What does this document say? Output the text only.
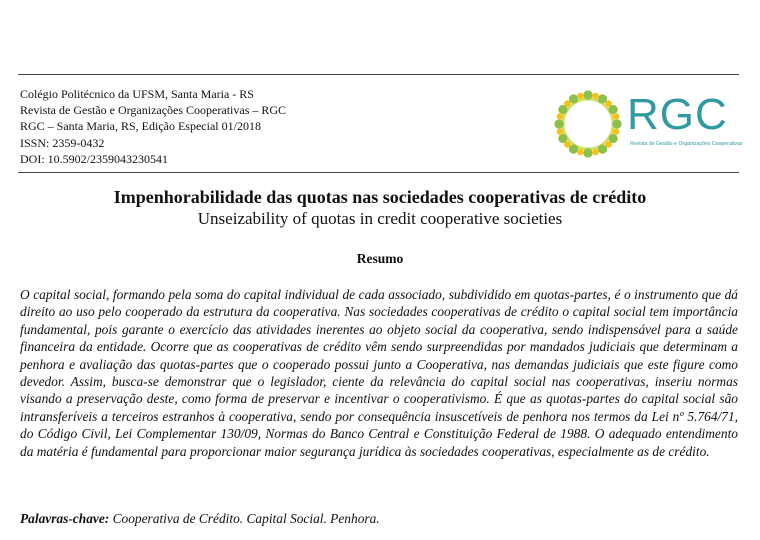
Colégio Politécnico da UFSM, Santa Maria - RS
Revista de Gestão e Organizações Cooperativas – RGC
RGC – Santa Maria, RS, Edição Especial 01/2018
ISSN: 2359-0432
DOI: 10.5902/2359043230541
RGC
Revista de Gestão e Organizações Cooperativas
Impenhorabilidade das quotas nas sociedades cooperativas de crédito
Unseizability of quotas in credit cooperative societies
Resumo

O capital social, formando pela soma do capital individual de cada associado, subdividido em quotas-partes, é o instrumento que dá direito ao uso pelo cooperado da estrutura da cooperativa. Nas sociedades cooperativas de crédito o capital social tem importância fundamental, pois garante o exercício das atividades inerentes ao objeto social da cooperativa, sendo indispensável para a saúde financeira da entidade. Ocorre que as cooperativas de crédito vêm sendo surpreendidas por mandados judiciais que determinam a penhora e avaliação das quotas-partes que o cooperado possui junto a Cooperativa, nas demandas judiciais que este figure como devedor. Assim, busca-se demonstrar que o legislador, ciente da relevância do capital social nas cooperativas, inseriu normas visando a preservação deste, como forma de preservar e incentivar o cooperativismo. É que as quotas-partes do capital social são intransferíveis a terceiros estranhos à cooperativa, sendo por consequência insuscetíveis de penhora nos termos da Lei nº 5.764/71, do Código Civil, Lei Complementar 130/09, Normas do Banco Central e Constituição Federal de 1988. O adequado entendimento da matéria é fundamental para proporcionar maior segurança jurídica às sociedades cooperativas, especialmente as de crédito.

Palavras-chave: Cooperativa de Crédito. Capital Social. Penhora.
